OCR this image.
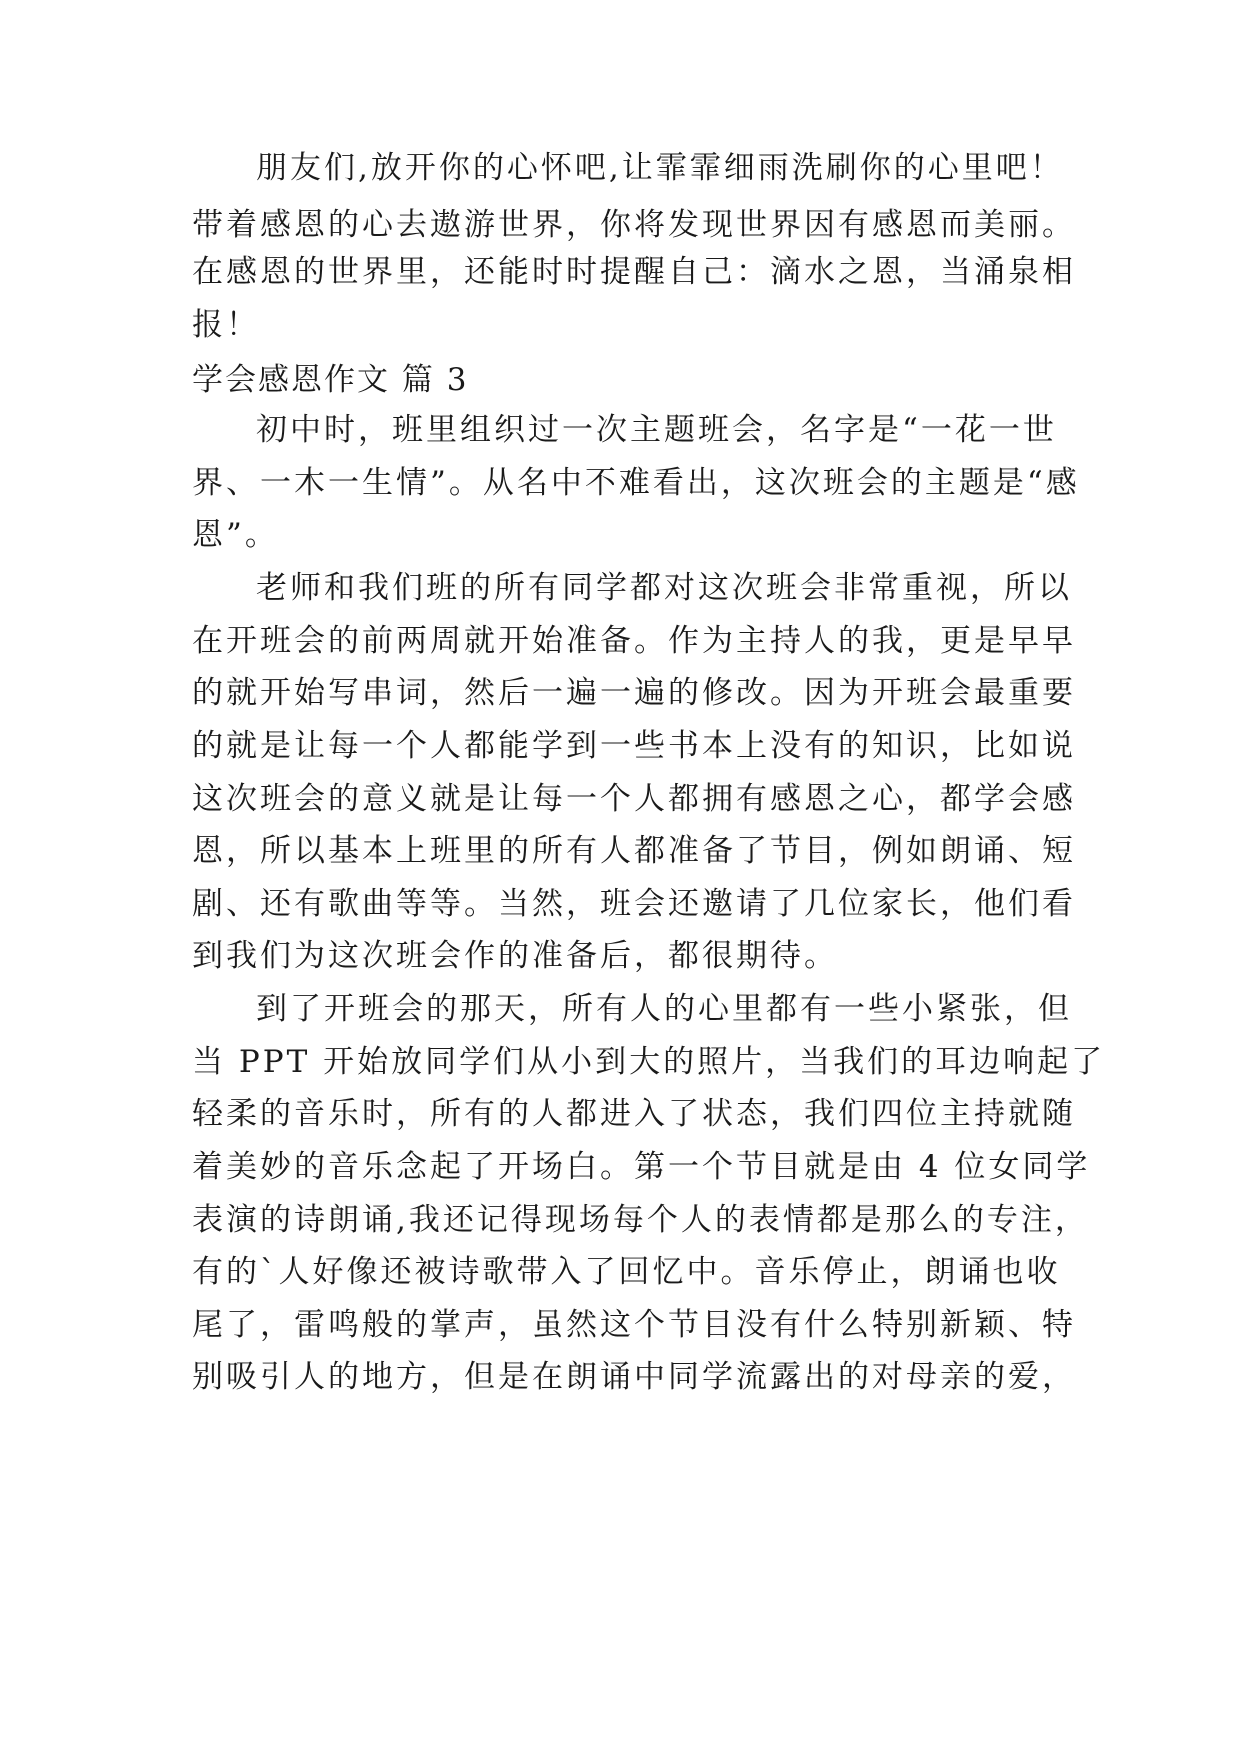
朋友们,放开你的心怀吧,让霏霏细雨洗刷你的心里吧！
带着感恩的心去遨游世界，你将发现世界因有感恩而美丽。
在感恩的世界里，还能时时提醒自己：滴水之恩，当涌泉相
报！
学会感恩作文 篇 3
初中时，班里组织过一次主题班会，名字是“一花一世
界、一木一生情”。从名中不难看出，这次班会的主题是“感
恩”。
老师和我们班的所有同学都对这次班会非常重视，所以
在开班会的前两周就开始准备。作为主持人的我，更是早早
的就开始写串词，然后一遍一遍的修改。因为开班会最重要
的就是让每一个人都能学到一些书本上没有的知识，比如说
这次班会的意义就是让每一个人都拥有感恩之心，都学会感
恩，所以基本上班里的所有人都准备了节目，例如朗诵、短
剧、还有歌曲等等。当然，班会还邀请了几位家长，他们看
到我们为这次班会作的准备后，都很期待。
到了开班会的那天，所有人的心里都有一些小紧张，但
当 PPT 开始放同学们从小到大的照片，当我们的耳边响起了
轻柔的音乐时，所有的人都进入了状态，我们四位主持就随
着美妙的音乐念起了开场白。第一个节目就是由 4 位女同学
表演的诗朗诵,我还记得现场每个人的表情都是那么的专注，
有的`人好像还被诗歌带入了回忆中。音乐停止，朗诵也收
尾了，雷鸣般的掌声，虽然这个节目没有什么特别新颖、特
别吸引人的地方，但是在朗诵中同学流露出的对母亲的爱，
